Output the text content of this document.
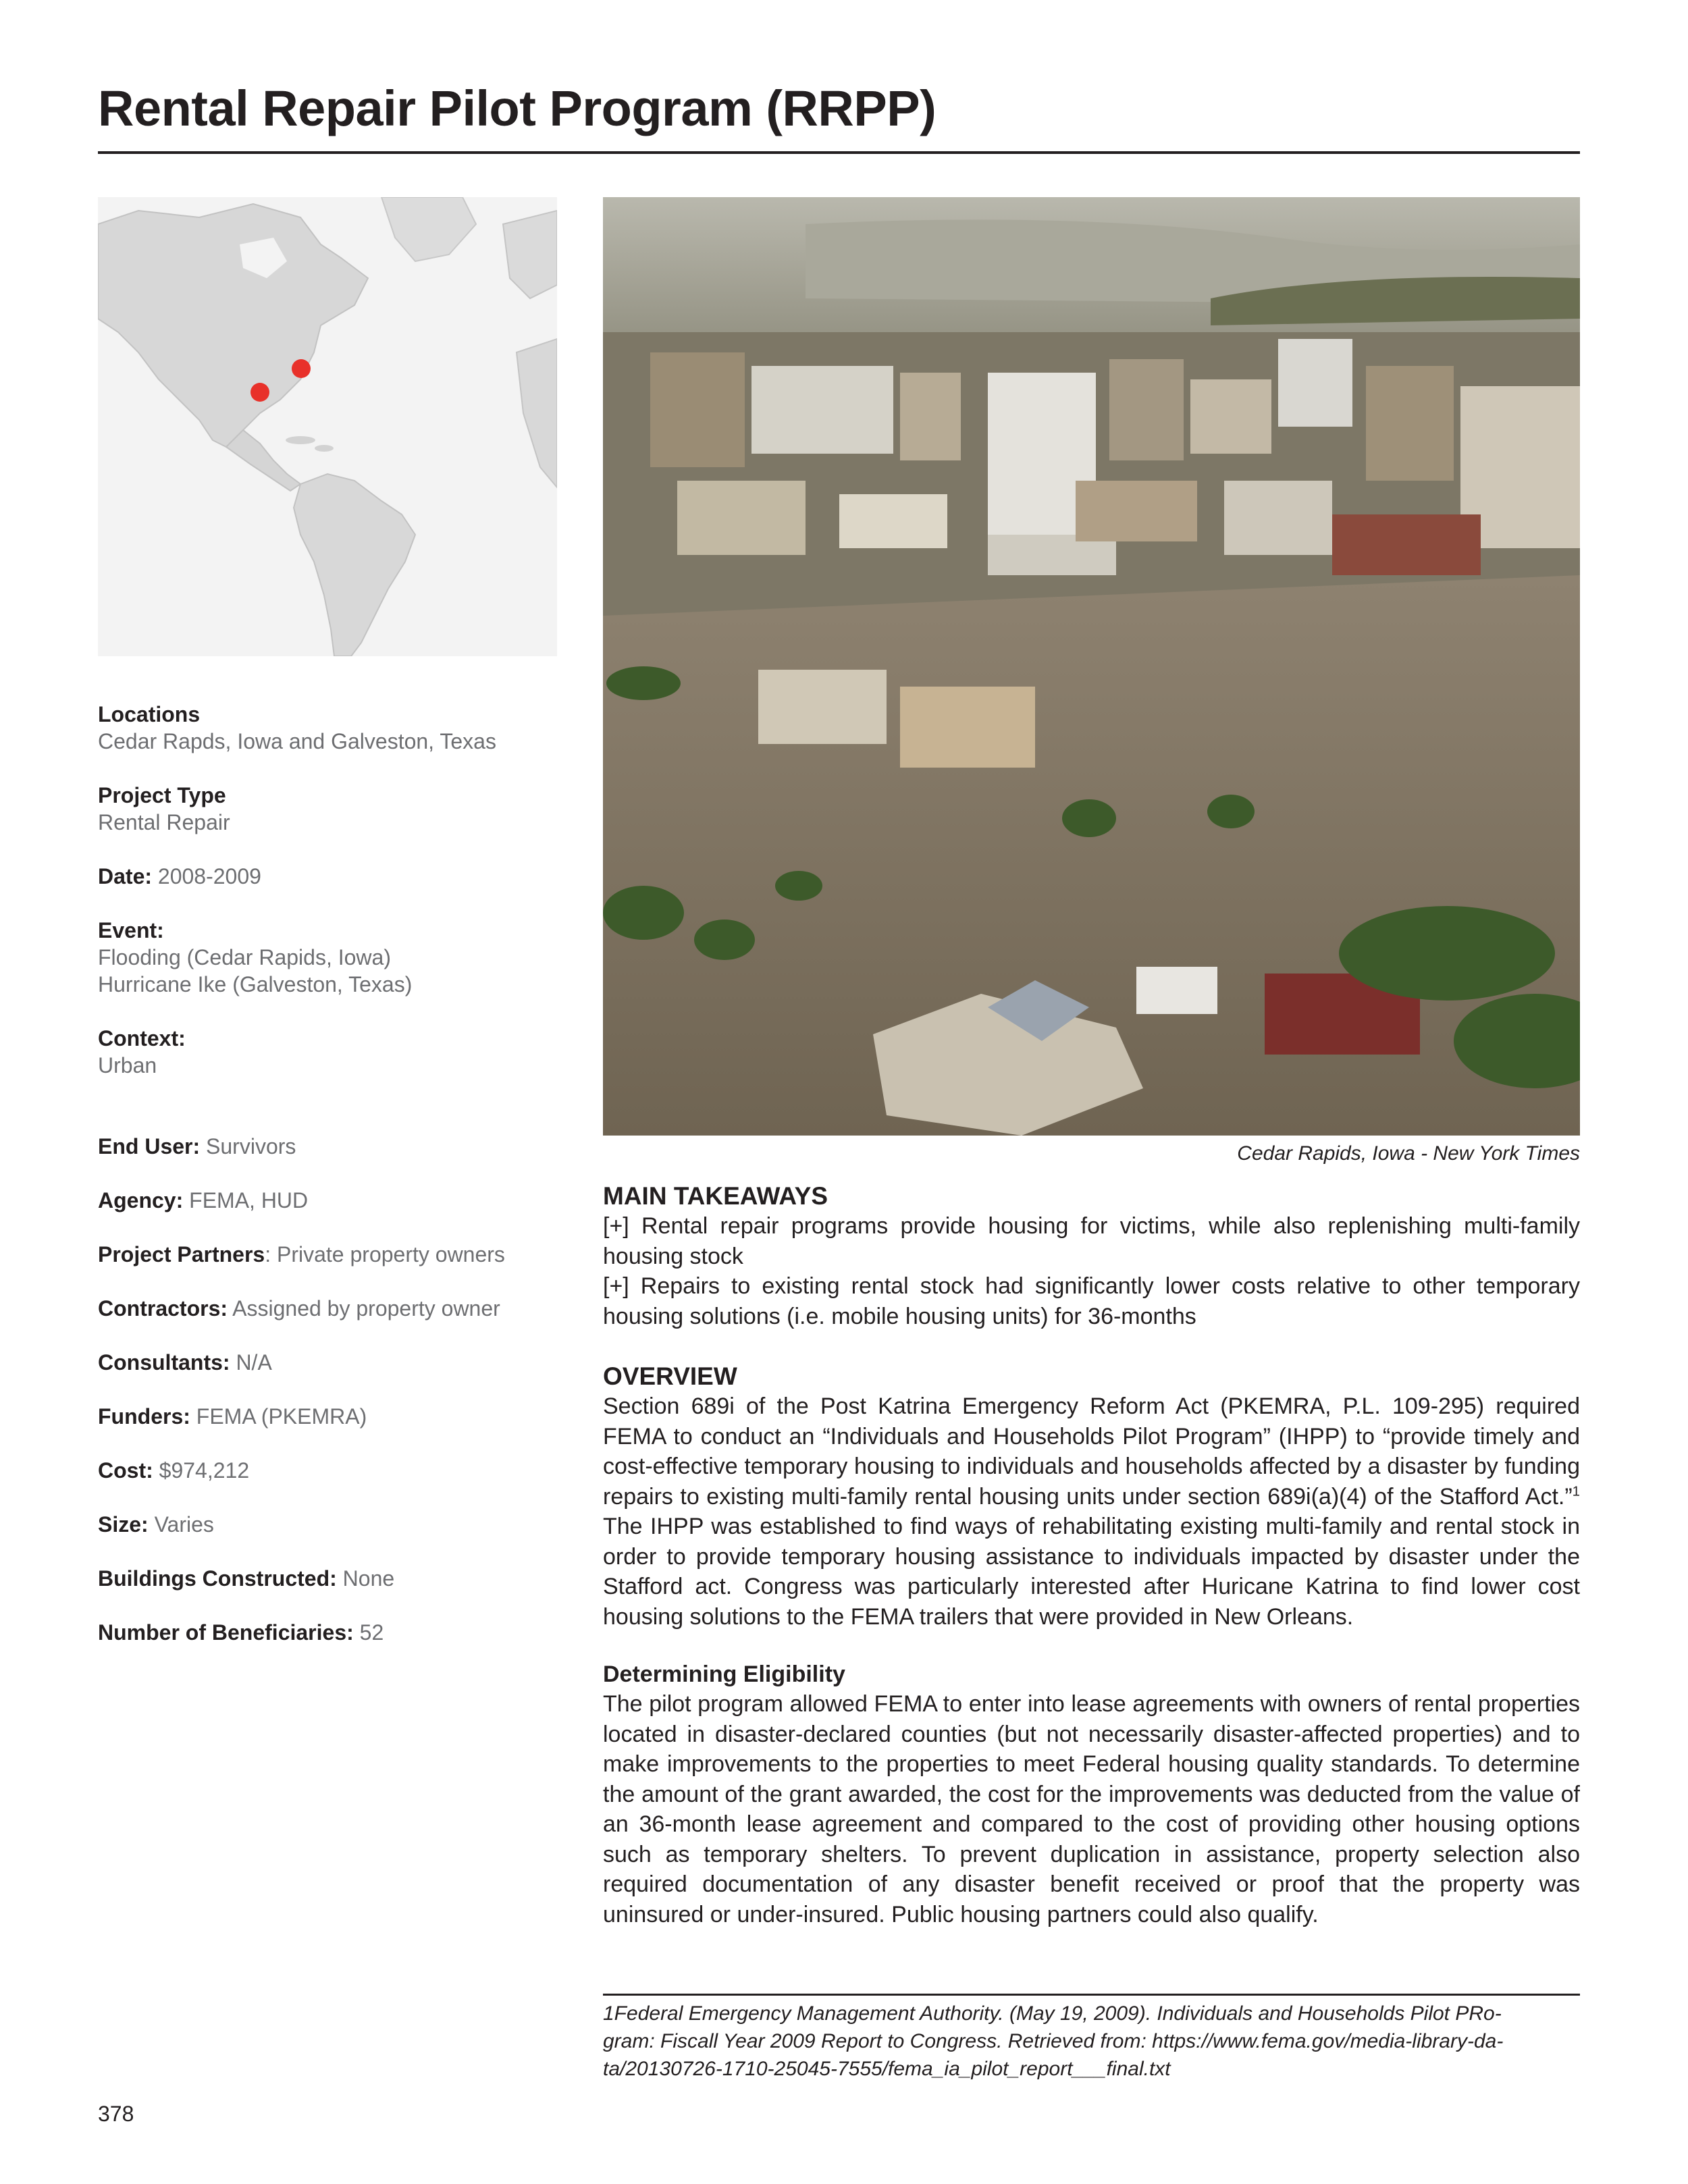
Rental Repair Pilot Program (RRPP)
Locations
Cedar Rapds, Iowa and Galveston, Texas
Project Type
Rental Repair
Date: 2008-2009
Event:
Flooding (Cedar Rapids, Iowa)
Hurricane Ike (Galveston, Texas)
Context:
Urban
End User: Survivors
Agency: FEMA, HUD
Project Partners: Private property owners
Contractors: Assigned by property owner
Consultants: N/A
Funders: FEMA (PKEMRA)
Cost: $974,212
Size: Varies
Buildings Constructed: None
Number of Beneficiaries: 52
Cedar Rapids, Iowa - New York Times
MAIN TAKEAWAYS

[+] Rental repair programs provide housing for victims, while also replenishing multi-family housing stock

[+] Repairs to existing rental stock had significantly lower costs relative to other temporary housing solutions (i.e. mobile housing units) for 36-months

OVERVIEW

Section 689i of the Post Katrina Emergency Reform Act (PKEMRA, P.L. 109-295) required FEMA to conduct an “Individuals and Households Pilot Program” (IHPP) to “provide timely and cost-effective temporary housing to individuals and households affected by a disaster by funding repairs to existing multi-family rental housing units under section 689i(a)(4) of the Stafford Act.”$^1$ The IHPP was established to find ways of rehabilitating existing multi-family and rental stock in order to provide temporary housing assistance to individuals impacted by disaster under the Stafford act. Congress was particularly interested after Huricane Katrina to find lower cost housing solutions to the FEMA trailers that were provided in New Orleans.

Determining Eligibility

The pilot program allowed FEMA to enter into lease agreements with owners of rental properties located in disaster-declared counties (but not necessarily disaster-affected properties) and to make improvements to the properties to meet Federal housing quality standards. To determine the amount of the grant awarded, the cost for the improvements was deducted from the value of an 36-month lease agreement and compared to the cost of providing other housing options such as temporary shelters. To prevent duplication in assistance, property selection also required documentation of any disaster benefit received or proof that the property was uninsured or under-insured. Public housing partners could also qualify.

1Federal Emergency Management Authority. (May 19, 2009). Individuals and Households Pilot PRo-
gram: Fiscall Year 2009 Report to Congress. Retrieved from: https://www.fema.gov/media-library-da-
ta/20130726-1710-25045-7555/fema_ia_pilot_report___final.txt

378
